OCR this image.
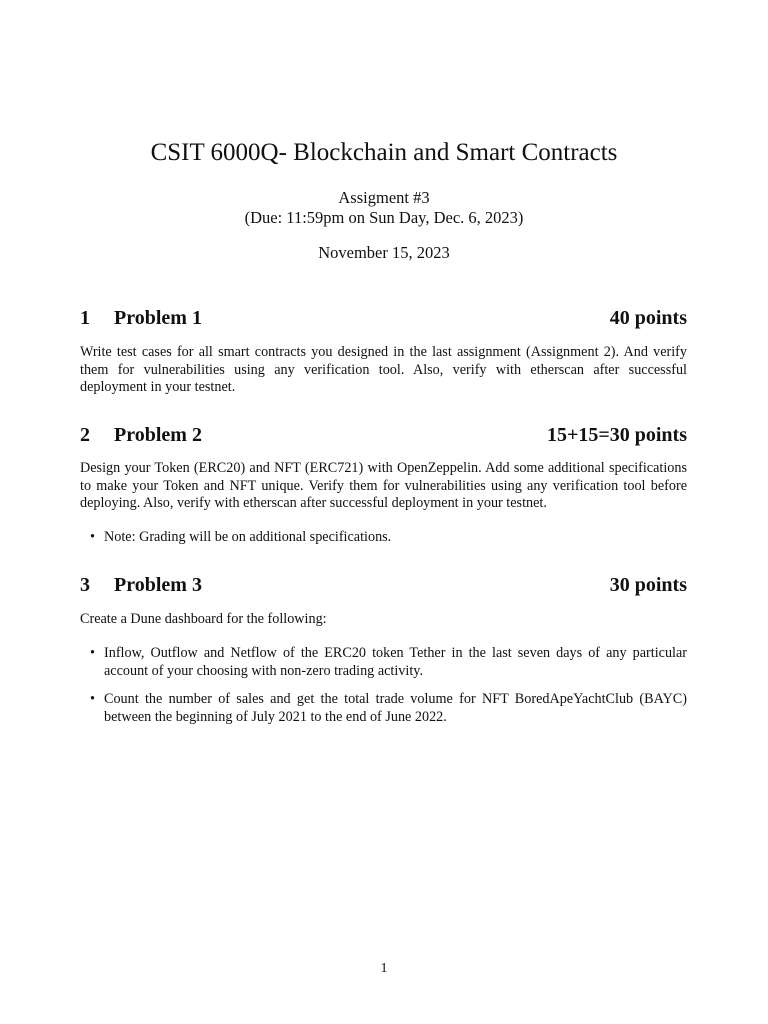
CSIT 6000Q- Blockchain and Smart Contracts
Assigment #3
(Due: 11:59pm on Sun Day, Dec. 6, 2023)
November 15, 2023
1 Problem 1	40 points
Write test cases for all smart contracts you designed in the last assignment (Assignment 2). And verify them for vulnerabilities using any verification tool. Also, verify with etherscan after successful deployment in your testnet.
2 Problem 2	15+15=30 points
Design your Token (ERC20) and NFT (ERC721) with OpenZeppelin. Add some additional specifications to make your Token and NFT unique. Verify them for vulnerabilities using any verification tool before deploying. Also, verify with etherscan after successful deployment in your testnet.
• Note: Grading will be on additional specifications.
3 Problem 3	30 points
Create a Dune dashboard for the following:
• Inflow, Outflow and Netflow of the ERC20 token Tether in the last seven days of any particular account of your choosing with non-zero trading activity.
• Count the number of sales and get the total trade volume for NFT BoredApeYachtClub (BAYC) between the beginning of July 2021 to the end of June 2022.
1
